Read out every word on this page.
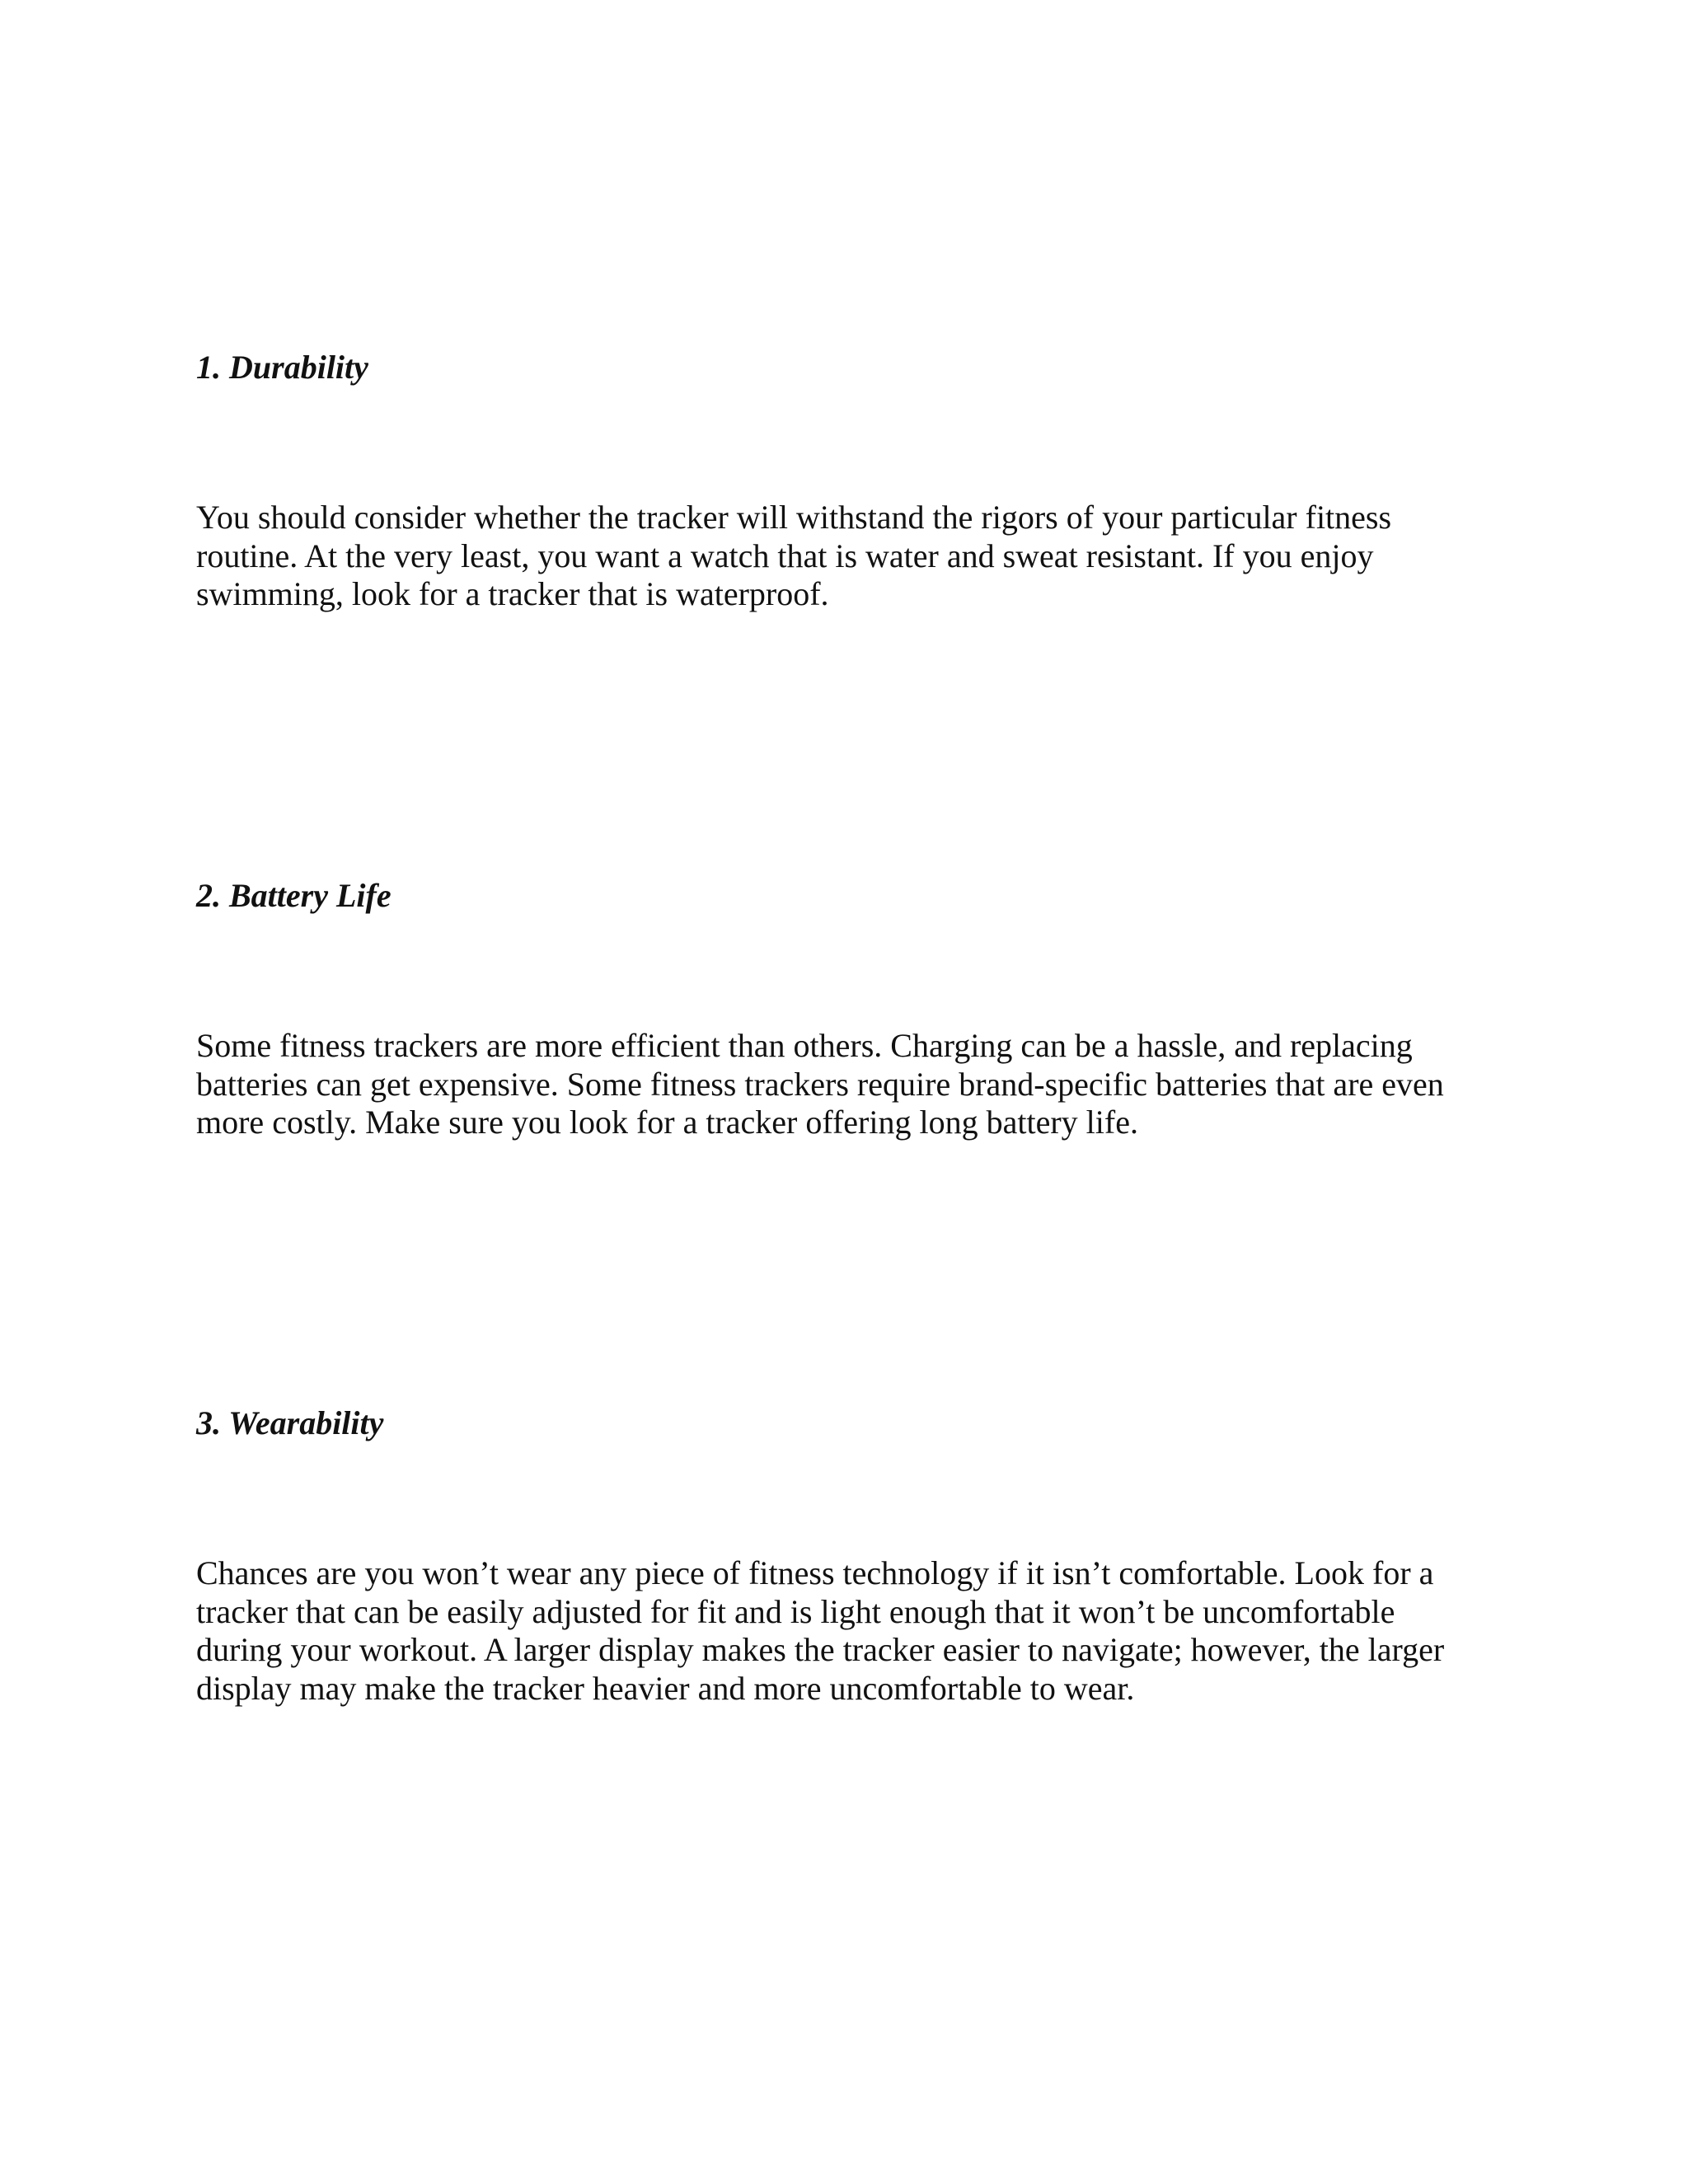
1. Durability

You should consider whether the tracker will withstand the rigors of your particular fitness
routine. At the very least, you want a watch that is water and sweat resistant. If you enjoy
swimming, look for a tracker that is waterproof.

2. Battery Life

Some fitness trackers are more efficient than others. Charging can be a hassle, and replacing
batteries can get expensive. Some fitness trackers require brand-specific batteries that are even
more costly. Make sure you look for a tracker offering long battery life.

3. Wearability

Chances are you won’t wear any piece of fitness technology if it isn’t comfortable. Look for a
tracker that can be easily adjusted for fit and is light enough that it won’t be uncomfortable
during your workout. A larger display makes the tracker easier to navigate; however, the larger
display may make the tracker heavier and more uncomfortable to wear.
